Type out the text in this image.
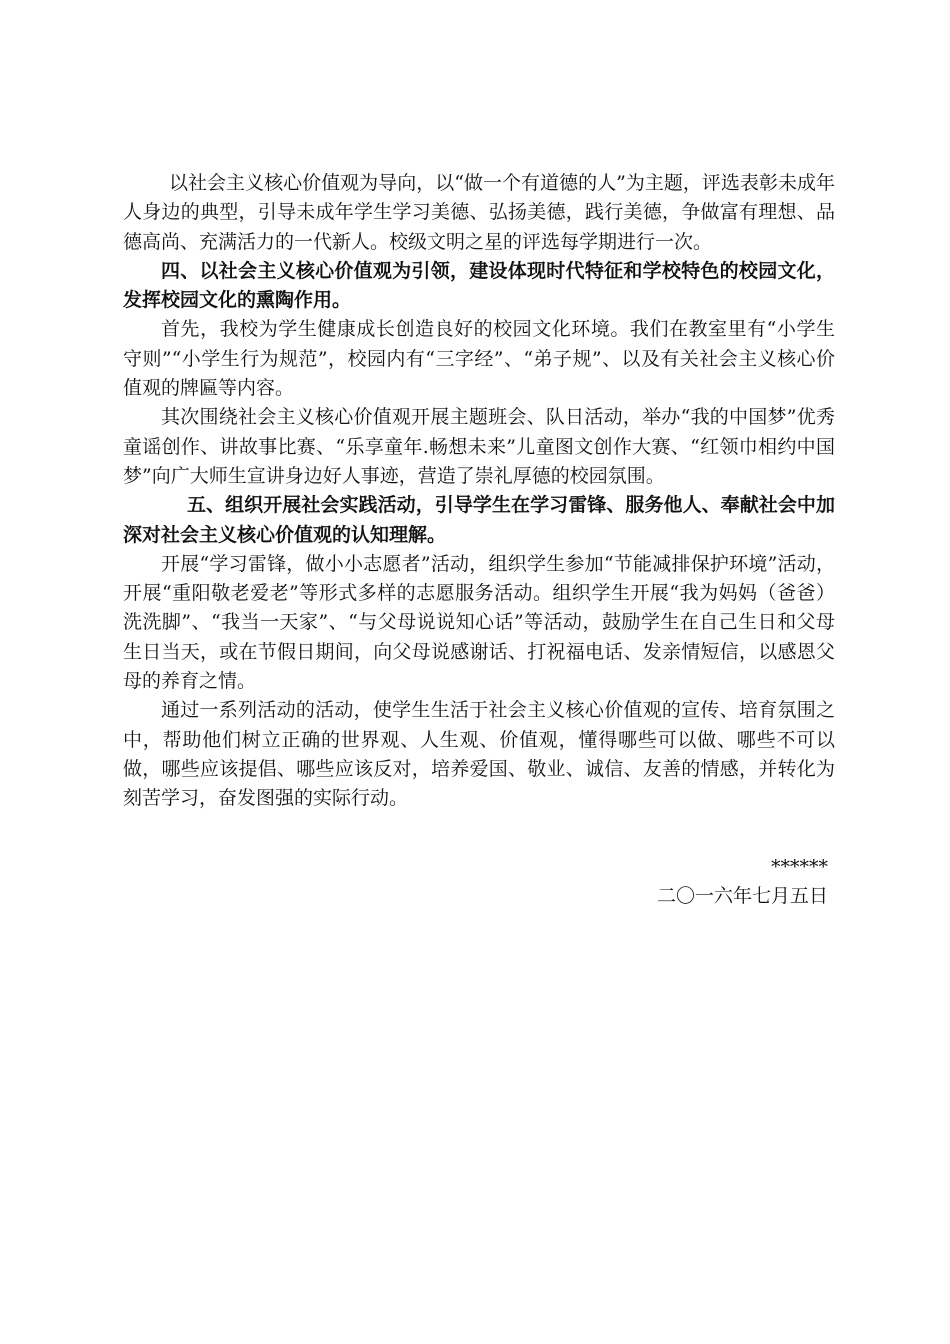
以社会主义核心价值观为导向，以“做一个有道德的人”为主题，评选表彰未成年人身边的典型，引导未成年学生学习美德、弘扬美德，践行美德，争做富有理想、品德高尚、充满活力的一代新人。校级文明之星的评选每学期进行一次。

四、以社会主义核心价值观为引领，建设体现时代特征和学校特色的校园文化，发挥校园文化的熏陶作用。

首先，我校为学生健康成长创造良好的校园文化环境。我们在教室里有“小学生守则”“小学生行为规范”，校园内有“三字经”、“弟子规”、以及有关社会主义核心价值观的牌匾等内容。

其次围绕社会主义核心价值观开展主题班会、队日活动，举办“我的中国梦”优秀童谣创作、讲故事比赛、“乐享童年.畅想未来”儿童图文创作大赛、“红领巾相约中国梦”向广大师生宣讲身边好人事迹，营造了崇礼厚德的校园氛围。

五、组织开展社会实践活动，引导学生在学习雷锋、服务他人、奉献社会中加深对社会主义核心价值观的认知理解。

开展“学习雷锋，做小小志愿者”活动，组织学生参加“节能减排保护环境”活动，开展“重阳敬老爱老”等形式多样的志愿服务活动。组织学生开展“我为妈妈（爸爸）洗洗脚”、“我当一天家”、“与父母说说知心话”等活动，鼓励学生在自己生日和父母生日当天，或在节假日期间，向父母说感谢话、打祝福电话、发亲情短信，以感恩父母的养育之情。

通过一系列活动的活动，使学生生活于社会主义核心价值观的宣传、培育氛围之中，帮助他们树立正确的世界观、人生观、价值观，懂得哪些可以做、哪些不可以做，哪些应该提倡、哪些应该反对，培养爱国、敬业、诚信、友善的情感，并转化为刻苦学习，奋发图强的实际行动。

******
二〇一六年七月五日
